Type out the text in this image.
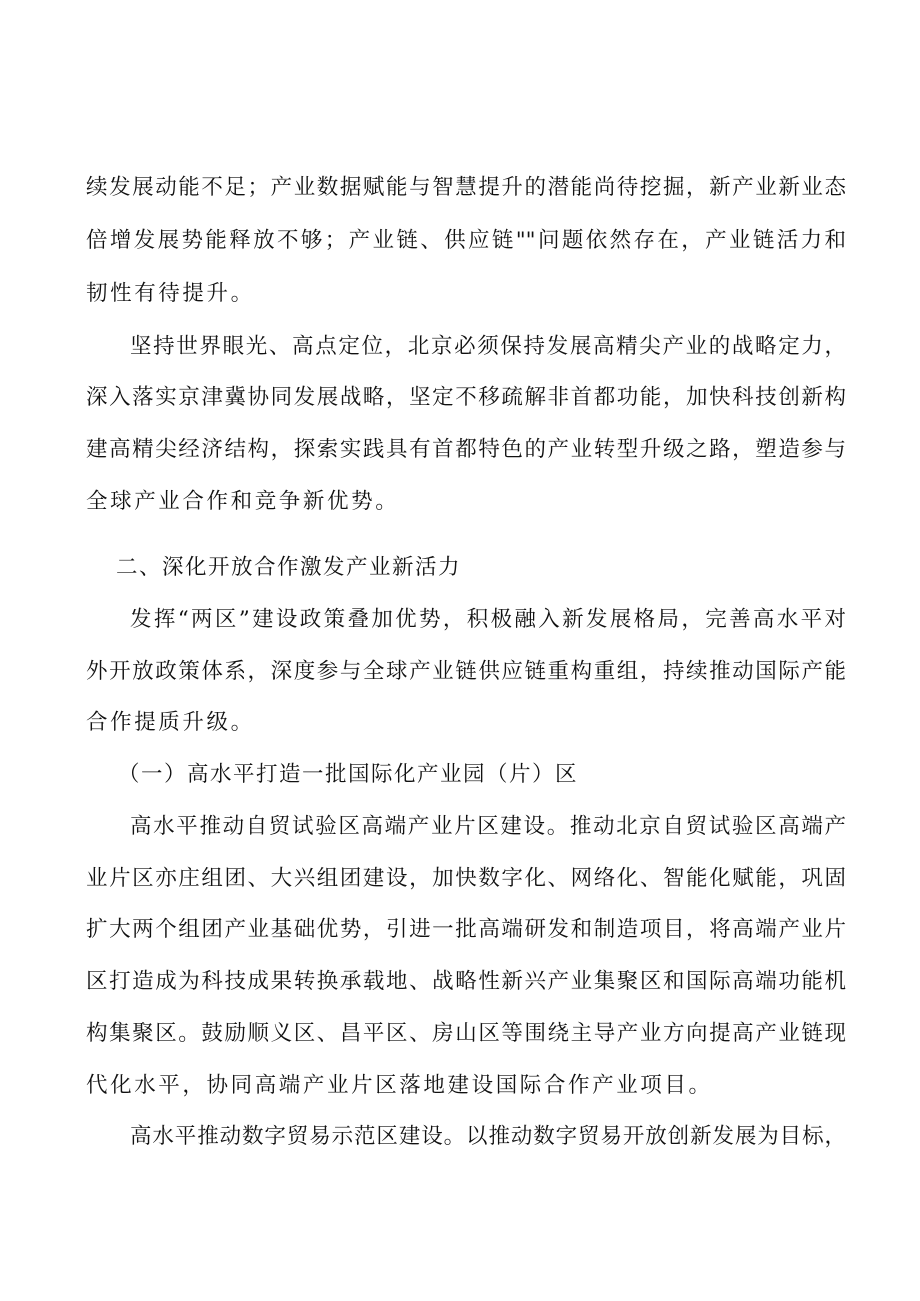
续发展动能不足；产业数据赋能与智慧提升的潜能尚待挖掘，新产业新业态
倍增发展势能释放不够；产业链、供应链""问题依然存在，产业链活力和
韧性有待提升。
坚持世界眼光、高点定位，北京必须保持发展高精尖产业的战略定力，
深入落实京津冀协同发展战略，坚定不移疏解非首都功能，加快科技创新构
建高精尖经济结构，探索实践具有首都特色的产业转型升级之路，塑造参与
全球产业合作和竞争新优势。
二、深化开放合作激发产业新活力
发挥“两区”建设政策叠加优势，积极融入新发展格局，完善高水平对
外开放政策体系，深度参与全球产业链供应链重构重组，持续推动国际产能
合作提质升级。
（一）高水平打造一批国际化产业园（片）区
高水平推动自贸试验区高端产业片区建设。推动北京自贸试验区高端产
业片区亦庄组团、大兴组团建设，加快数字化、网络化、智能化赋能，巩固
扩大两个组团产业基础优势，引进一批高端研发和制造项目，将高端产业片
区打造成为科技成果转换承载地、战略性新兴产业集聚区和国际高端功能机
构集聚区。鼓励顺义区、昌平区、房山区等围绕主导产业方向提高产业链现
代化水平，协同高端产业片区落地建设国际合作产业项目。
高水平推动数字贸易示范区建设。以推动数字贸易开放创新发展为目标，
